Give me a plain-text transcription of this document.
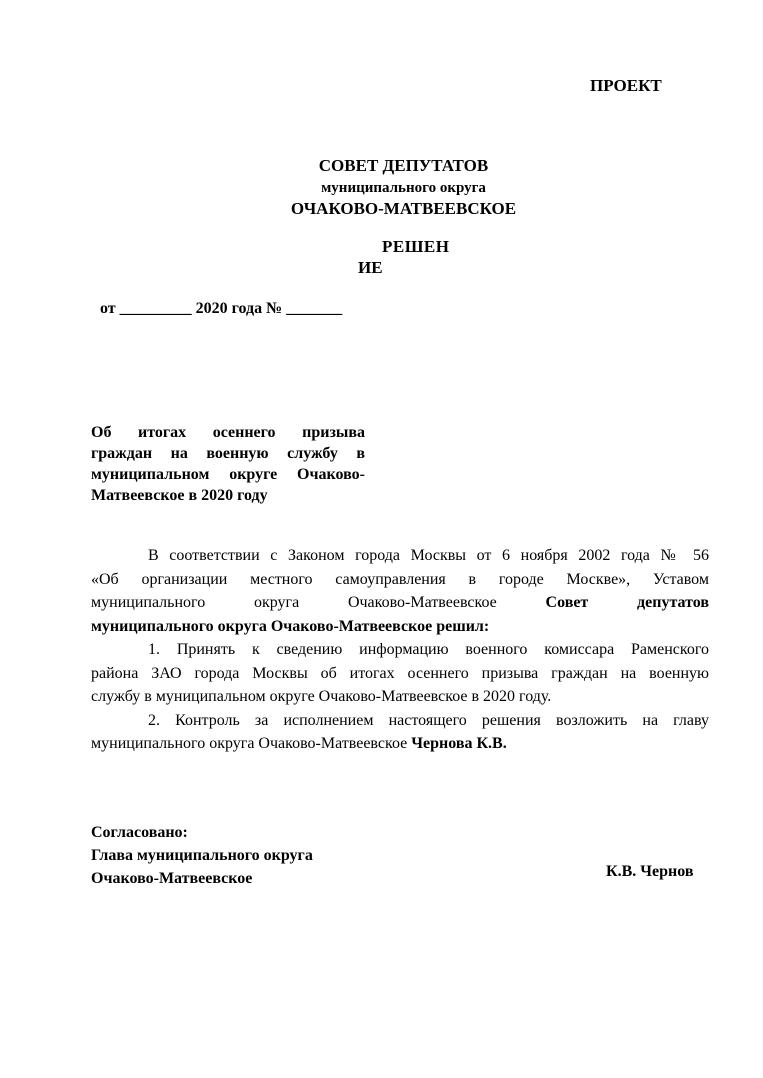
ПРОЕКТ
СОВЕТ ДЕПУТАТОВ
муниципального округа
ОЧАКОВО-МАТВЕЕВСКОЕ
РЕШЕН
ИЕ
от _________ 2020 года № _______
Об итогах осеннего призыва
граждан на военную службу в
муниципальном округе Очаково-
Матвеевское в 2020 году
В соответствии с Законом города Москвы от 6 ноября 2002 года № 56
«Об организации местного самоуправления в городе Москве», Уставом
муниципального округа Очаково-Матвеевское	Совет депутатов
муниципального округа Очаково-Матвеевское решил:
1. Принять к сведению информацию военного комиссара Раменского
района ЗАО города Москвы об итогах осеннего призыва граждан на военную
службу в муниципальном округе Очаково-Матвеевское в 2020 году.
2. Контроль за исполнением настоящего решения возложить на главу
муниципального округа Очаково-Матвеевское Чернова К.В.
Согласовано:
Глава муниципального округа
Очаково-Матвеевское	К.В. Чернов
